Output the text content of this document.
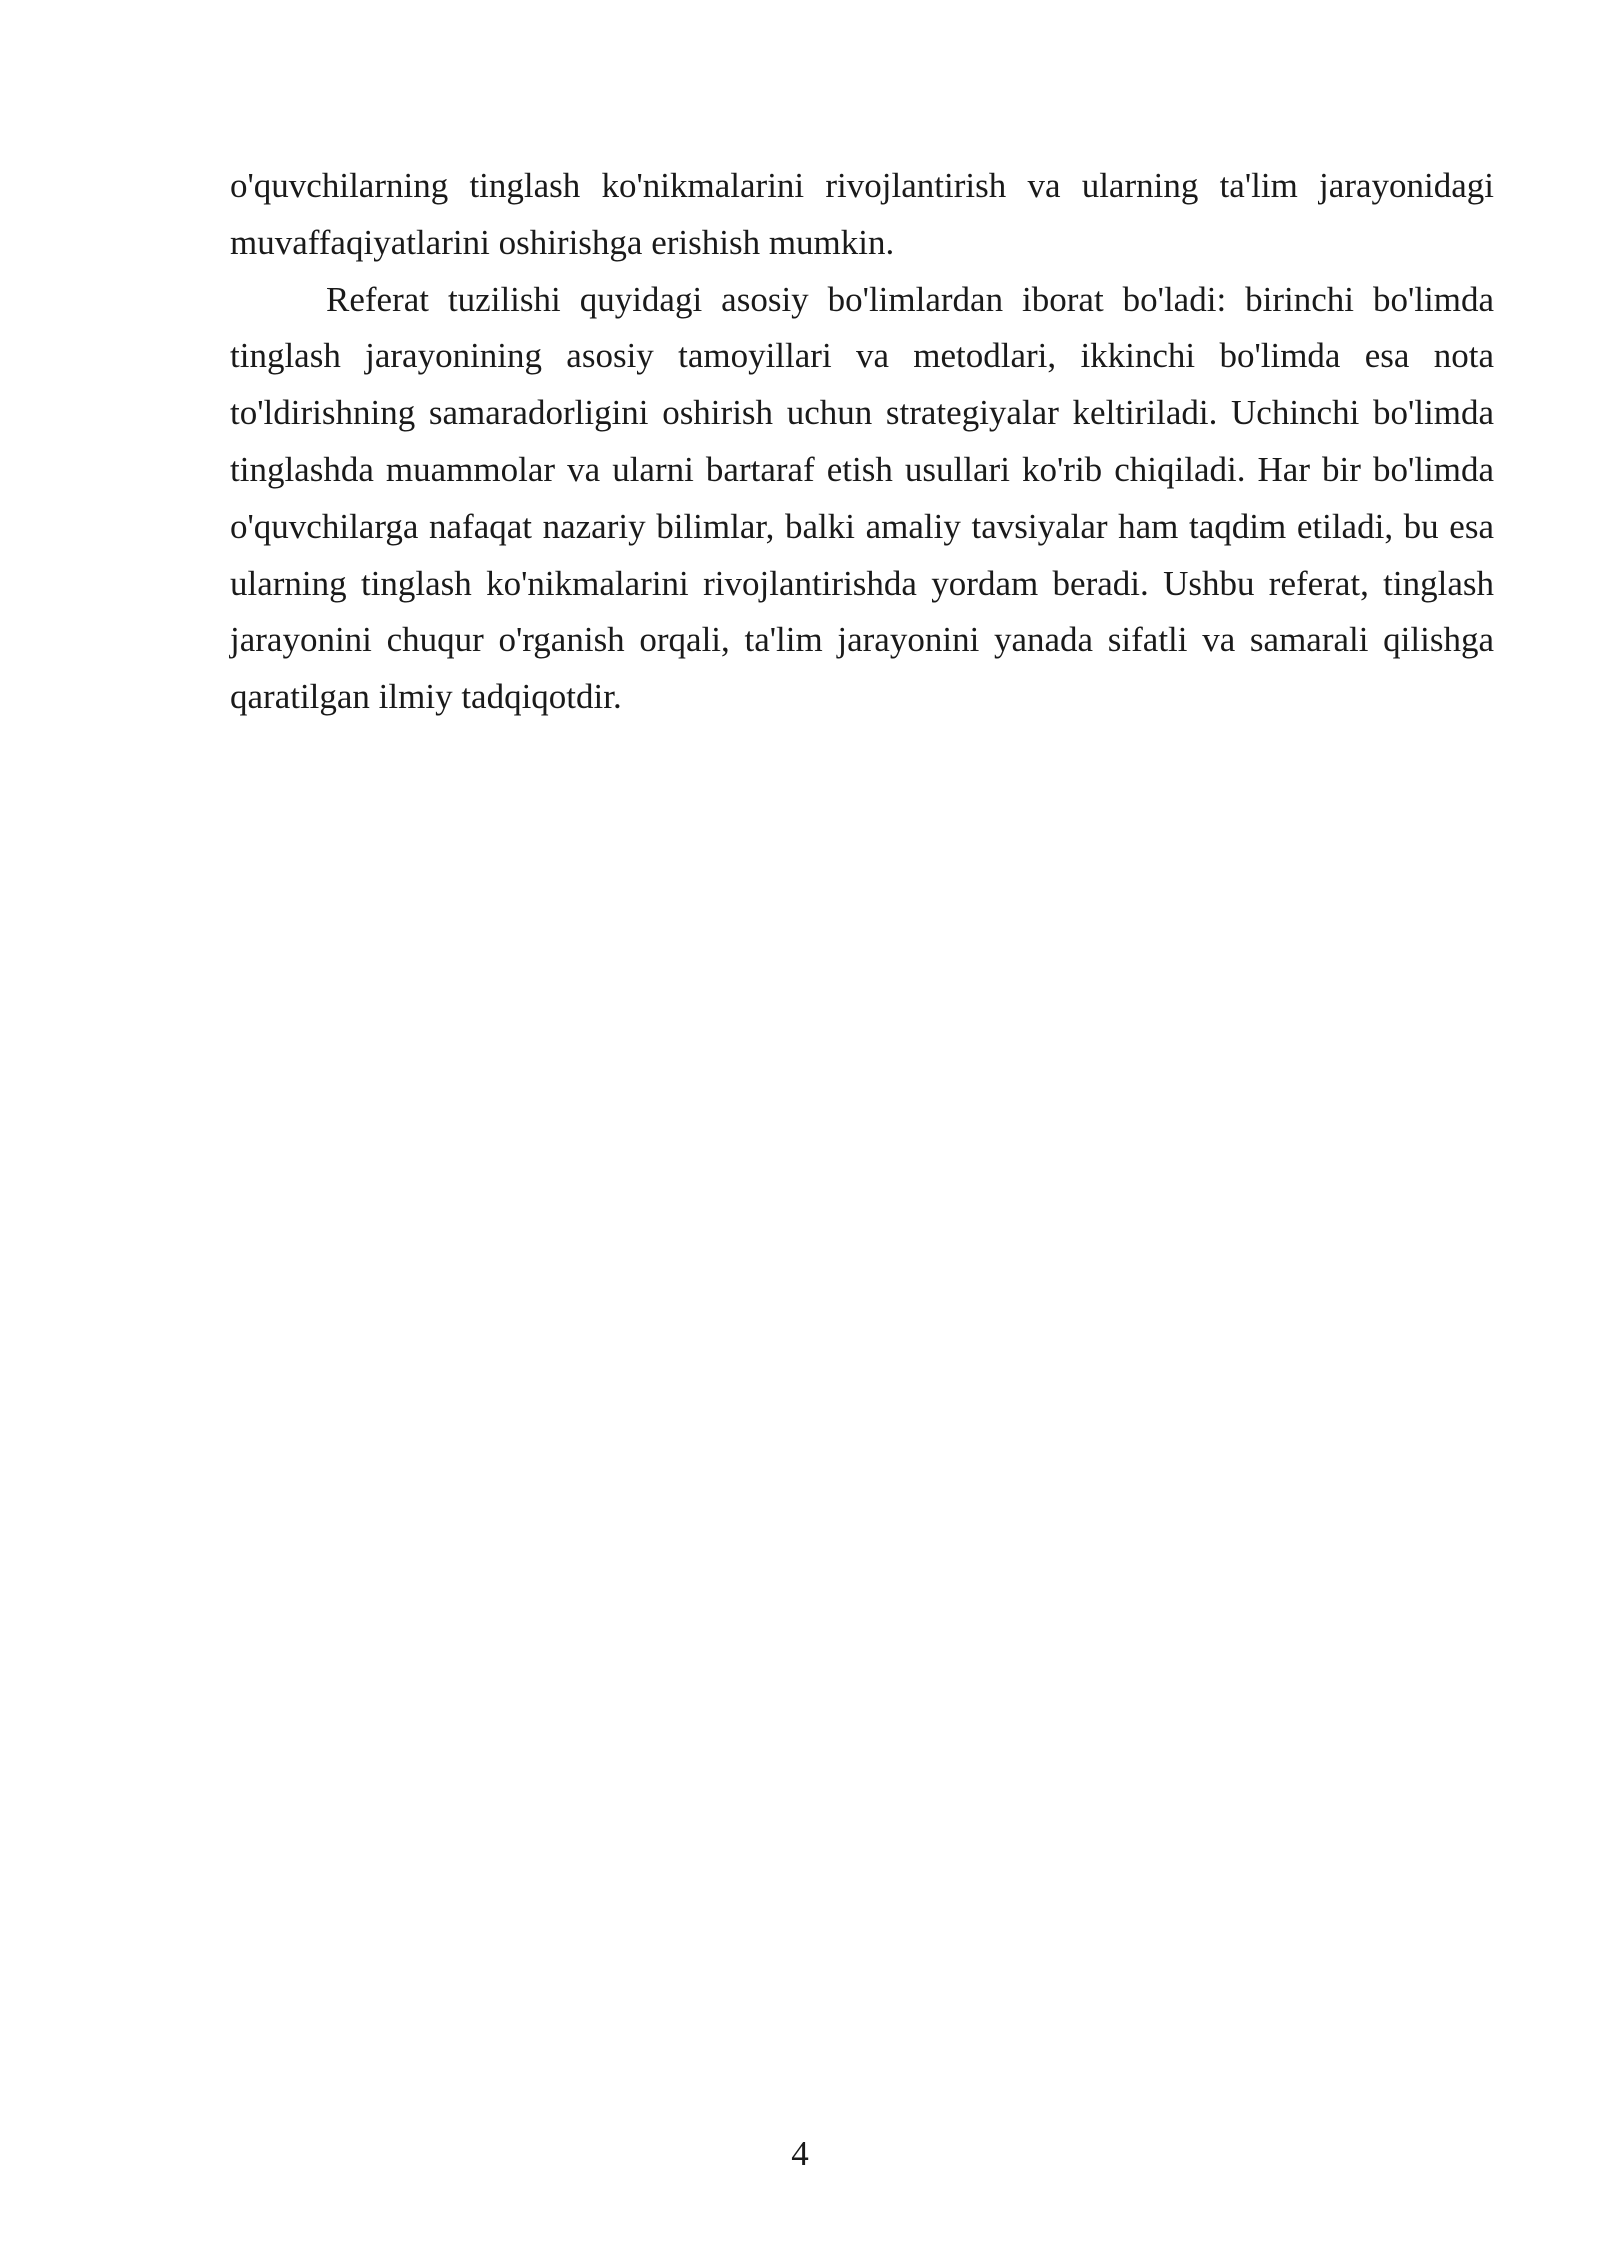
o'quvchilarning tinglash ko'nikmalarini rivojlantirish va ularning ta'lim jarayonidagi muvaffaqiyatlarini oshirishga erishish mumkin.

Referat tuzilishi quyidagi asosiy bo'limlardan iborat bo'ladi: birinchi bo'limda tinglash jarayonining asosiy tamoyillari va metodlari, ikkinchi bo'limda esa nota to'ldirishning samaradorligini oshirish uchun strategiyalar keltiriladi. Uchinchi bo'limda tinglashda muammolar va ularni bartaraf etish usullari ko'rib chiqiladi. Har bir bo'limda o'quvchilarga nafaqat nazariy bilimlar, balki amaliy tavsiyalar ham taqdim etiladi, bu esa ularning tinglash ko'nikmalarini rivojlantirishda yordam beradi. Ushbu referat, tinglash jarayonini chuqur o'rganish orqali, ta'lim jarayonini yanada sifatli va samarali qilishga qaratilgan ilmiy tadqiqotdir.

4
